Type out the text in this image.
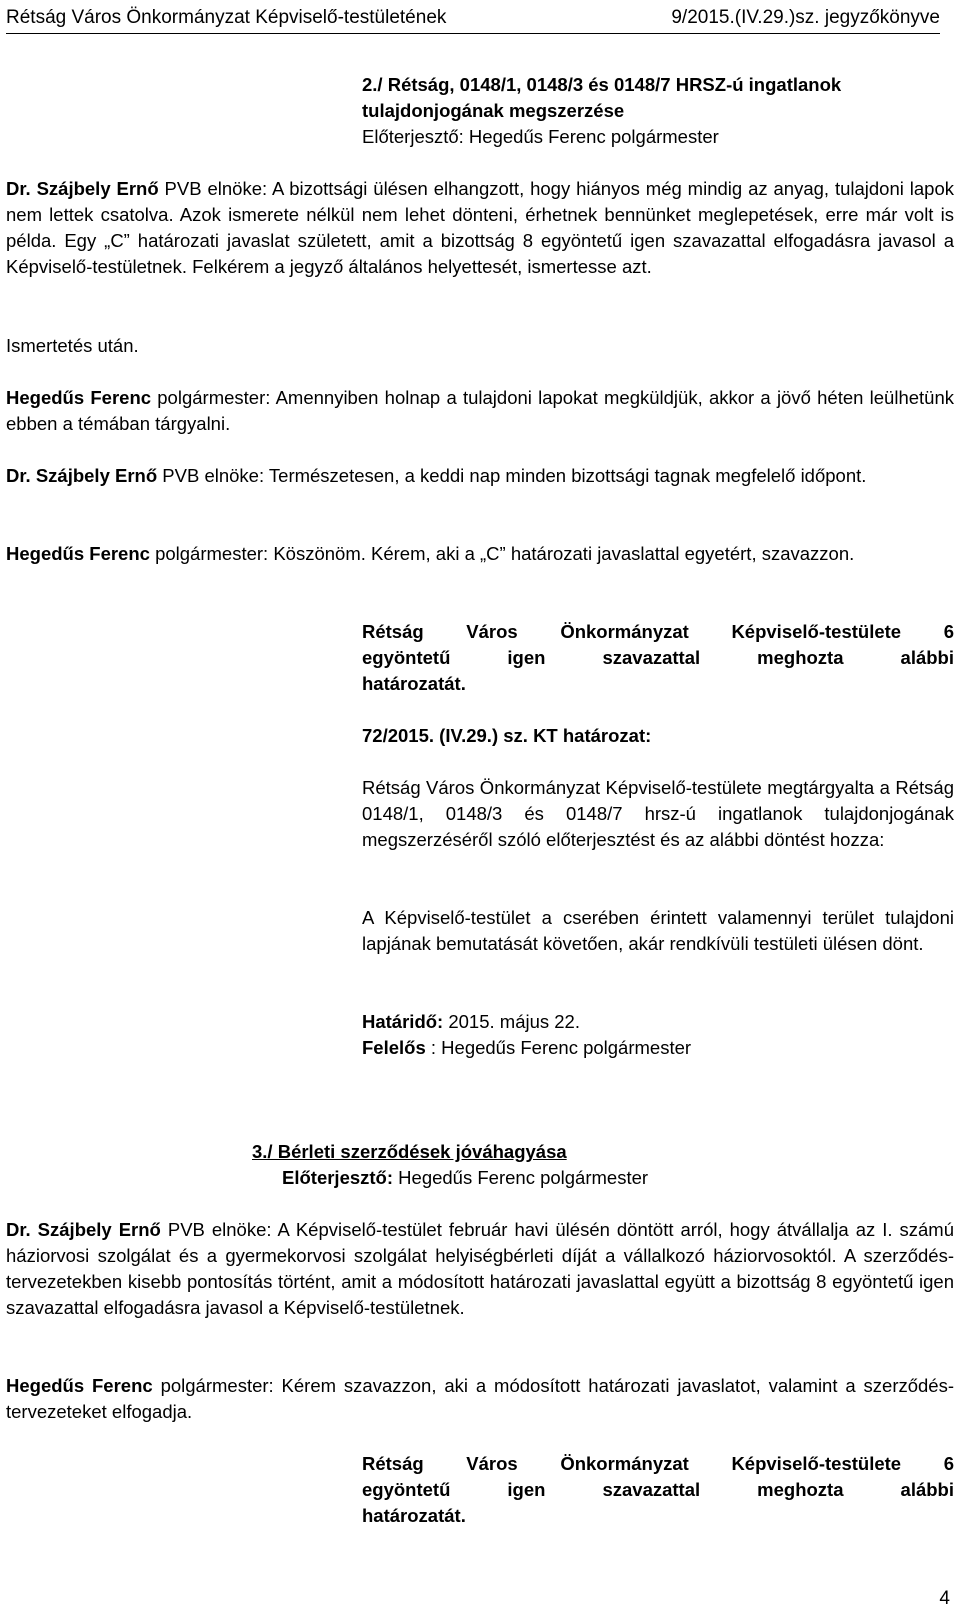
Rétság Város Önkormányzat Képviselő-testületének	9/2015.(IV.29.)sz. jegyzőkönyve

2./ Rétság, 0148/1, 0148/3 és 0148/7 HRSZ-ú ingatlanok

tulajdonjogának megszerzése

Előterjesztő: Hegedűs Ferenc polgármester

Dr. Szájbely Ernő PVB elnöke: A bizottsági ülésen elhangzott, hogy hiányos még mindig az anyag, tulajdoni lapok nem lettek csatolva. Azok ismerete nélkül nem lehet dönteni, érhetnek bennünket meglepetések, erre már volt is példa. Egy „C” határozati javaslat született, amit a bizottság 8 egyöntetű igen szavazattal elfogadásra javasol a Képviselő-testületnek. Felkérem a jegyző általános helyettesét, ismertesse azt.

Ismertetés után.

Hegedűs Ferenc polgármester: Amennyiben holnap a tulajdoni lapokat megküldjük, akkor a jövő héten leülhetünk ebben a témában tárgyalni.

Dr. Szájbely Ernő PVB elnöke: Természetesen, a keddi nap minden bizottsági tagnak megfelelő időpont.

Hegedűs Ferenc polgármester: Köszönöm. Kérem, aki a „C” határozati javaslattal egyetért, szavazzon.

Rétság Város Önkormányzat Képviselő-testülete 6

egyöntetű igen szavazattal meghozta alábbi

határozatát.

72/2015. (IV.29.) sz. KT határozat:

Rétság Város Önkormányzat Képviselő-testülete megtárgyalta a Rétság 0148/1, 0148/3 és 0148/7 hrsz-ú ingatlanok tulajdonjogának megszerzéséről szóló előterjesztést és az alábbi döntést hozza:

A Képviselő-testület a cserében érintett valamennyi terület tulajdoni lapjának bemutatását követően, akár rendkívüli testületi ülésen dönt.

Határidő: 2015. május 22.

Felelős : Hegedűs Ferenc polgármester

3./ Bérleti szerződések jóváhagyása

Előterjesztő: Hegedűs Ferenc polgármester

Dr. Szájbely Ernő PVB elnöke: A Képviselő-testület február havi ülésén döntött arról, hogy átvállalja az I. számú háziorvosi szolgálat és a gyermekorvosi szolgálat helyiségbérleti díját a vállalkozó háziorvosoktól. A szerződés-tervezetekben kisebb pontosítás történt, amit a módosított határozati javaslattal együtt a bizottság 8 egyöntetű igen szavazattal elfogadásra javasol a Képviselő-testületnek.

Hegedűs Ferenc polgármester: Kérem szavazzon, aki a módosított határozati javaslatot, valamint a szerződés-tervezeteket elfogadja.

Rétság Város Önkormányzat Képviselő-testülete 6

egyöntetű igen szavazattal meghozta alábbi

határozatát.

4
